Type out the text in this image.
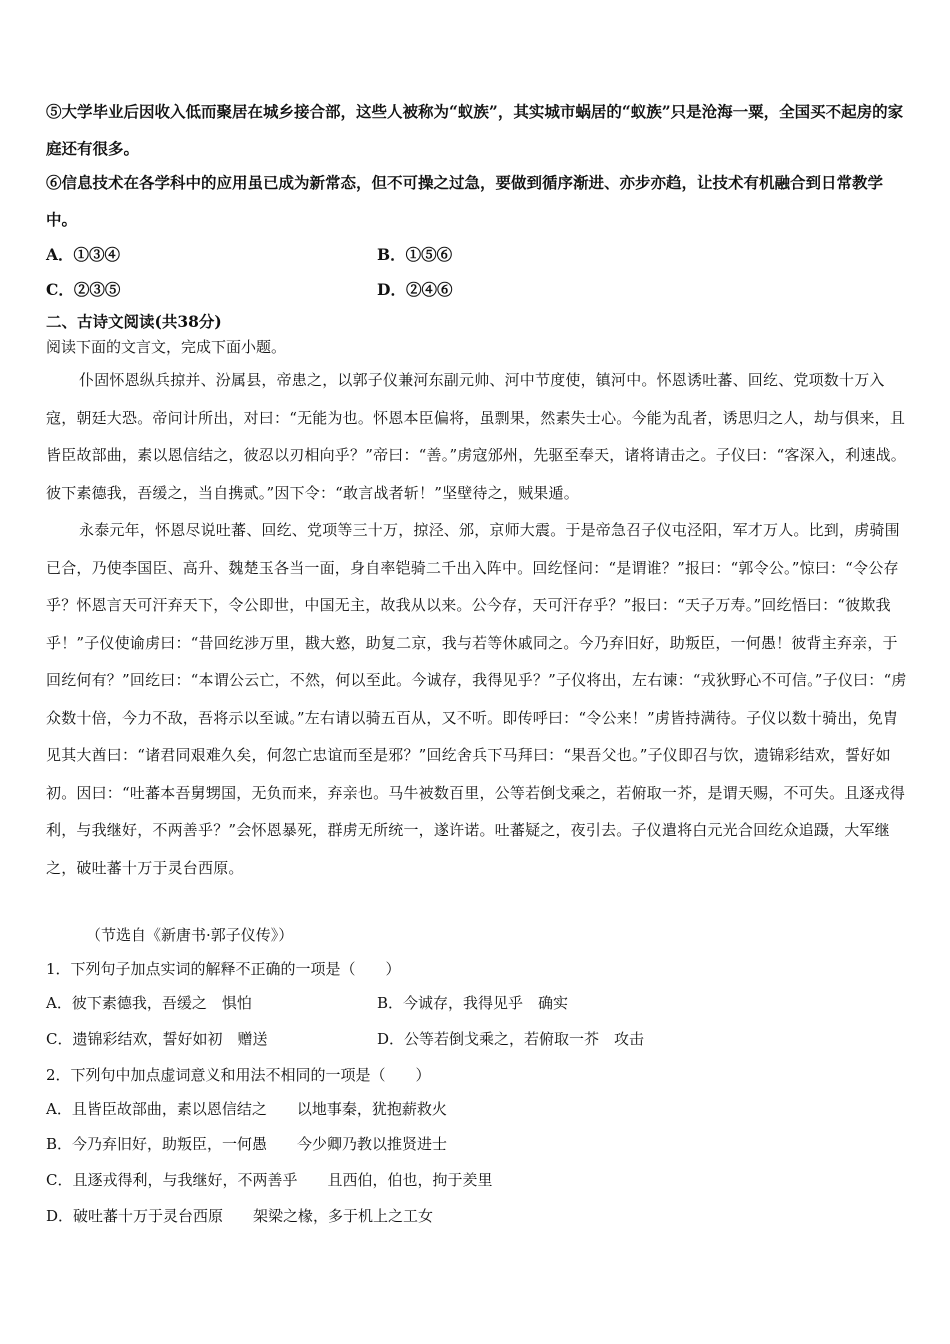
⑤大学毕业后因收入低而聚居在城乡接合部，这些人被称为“蚁族”，其实城市蜗居的“蚁族”只是沧海一粟，全国买不起房的家庭还有很多。
⑥信息技术在各学科中的应用虽已成为新常态，但不可操之过急，要做到循序渐进、亦步亦趋，让技术有机融合到日常教学中。
A．①③④	B．①⑤⑥
C．②③⑤	D．②④⑥
二、古诗文阅读(共38分)
阅读下面的文言文，完成下面小题。
仆固怀恩纵兵掠并、汾属县，帝患之，以郭子仪兼河东副元帅、河中节度使，镇河中。怀恩诱吐蕃、回纥、党项数十万入寇，朝廷大恐。帝问计所出，对曰：“无能为也。怀恩本臣偏将，虽剽果，然素失士心。今能为乱者，诱思归之人，劫与俱来，且皆臣故部曲，素以恩信结之，彼忍以刃相向乎？”帝曰：“善。”虏寇邠州，先驱至奉天，诸将请击之。子仪曰：“客深入，利速战。彼下素德我，吾缓之，当自携贰。”因下令：“敢言战者斩！”坚壁待之，贼果遁。
永泰元年，怀恩尽说吐蕃、回纥、党项等三十万，掠泾、邠，京师大震。于是帝急召子仪屯泾阳，军才万人。比到，虏骑围已合，乃使李国臣、高升、魏楚玉各当一面，身自率铠骑二千出入阵中。回纥怪问：“是谓谁？”报曰：“郭令公。”惊曰：“令公存乎？怀恩言天可汗弃天下，令公即世，中国无主，故我从以来。公今存，天可汗存乎？”报曰：“天子万寿。”回纥悟曰：“彼欺我乎！”子仪使谕虏曰：“昔回纥涉万里，戡大憝，助复二京，我与若等休戚同之。今乃弃旧好，助叛臣，一何愚！彼背主弃亲，于回纥何有？”回纥曰：“本谓公云亡，不然，何以至此。今诚存，我得见乎？”子仪将出，左右谏：“戎狄野心不可信。”子仪曰：“虏众数十倍，今力不敌，吾将示以至诚。”左右请以骑五百从，又不听。即传呼曰：“令公来！”虏皆持满待。子仪以数十骑出，免胄见其大酋曰：“诸君同艰难久矣，何忽亡忠谊而至是邪？”回纥舍兵下马拜曰：“果吾父也。”子仪即召与饮，遗锦彩结欢，誓好如初。因曰：“吐蕃本吾舅甥国，无负而来，弃亲也。马牛被数百里，公等若倒戈乘之，若俯取一芥，是谓天赐，不可失。且逐戎得利，与我继好，不两善乎？”会怀恩暴死，群虏无所统一，遂许诺。吐蕃疑之，夜引去。子仪遣将白元光合回纥众追蹑，大军继之，破吐蕃十万于灵台西原。
（节选自《新唐书·郭子仪传》）
1．下列句子加点实词的解释不正确的一项是（　　）
A．彼下素德我，吾缓之　惧怕	B．今诚存，我得见乎　确实
C．遗锦彩结欢，誓好如初　赠送	D．公等若倒戈乘之，若俯取一芥　攻击
2．下列句中加点虚词意义和用法不相同的一项是（　　）
A．且皆臣故部曲，素以恩信结之　　以地事秦，犹抱薪救火
B．今乃弃旧好，助叛臣，一何愚　　今少卿乃教以推贤进士
C．且逐戎得利，与我继好，不两善乎　　且西伯，伯也，拘于羑里
D．破吐蕃十万于灵台西原　　架梁之椽，多于机上之工女
